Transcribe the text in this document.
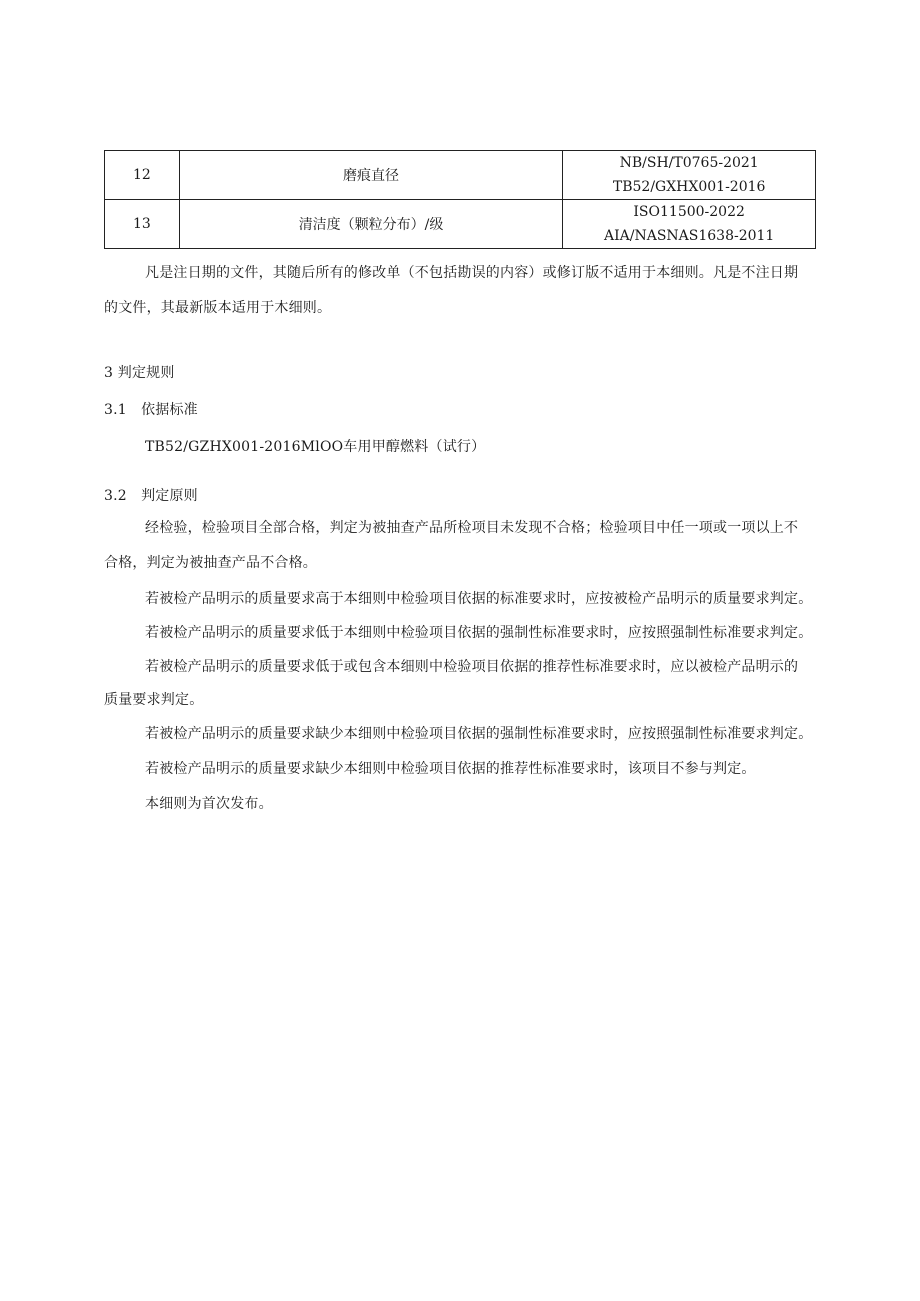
12	磨痕直径	NB/SH/T0765-2021
TB52/GXHX001-2016

13	清洁度（颗粒分布）/级	ISO11500-2022
AIA/NASNAS1638-2011
凡是注日期的文件，其随后所有的修改单（不包括勘误的内容）或修订版不适用于本细则。凡是不注日期
的文件，其最新版本适用于木细则。
3 判定规则
3.1　依据标准
TB52/GZHX001-2016MlOO车用甲醇燃料（试行）
3.2　判定原则
经检验，检验项目全部合格，判定为被抽查产品所检项目未发现不合格；检验项目中任一项或一项以上不
合格，判定为被抽查产品不合格。
若被检产品明示的质量要求高于本细则中检验项目依据的标准要求时，应按被检产品明示的质量要求判定。
若被检产品明示的质量要求低于本细则中检验项目依据的强制性标准要求时，应按照强制性标准要求判定。
若被检产品明示的质量要求低于或包含本细则中检验项目依据的推荐性标准要求时，应以被检产品明示的
质量要求判定。
若被检产品明示的质量要求缺少本细则中检验项目依据的强制性标准要求时，应按照强制性标准要求判定。
若被检产品明示的质量要求缺少本细则中检验项目依据的推荐性标准要求时，该项目不参与判定。
本细则为首次发布。
